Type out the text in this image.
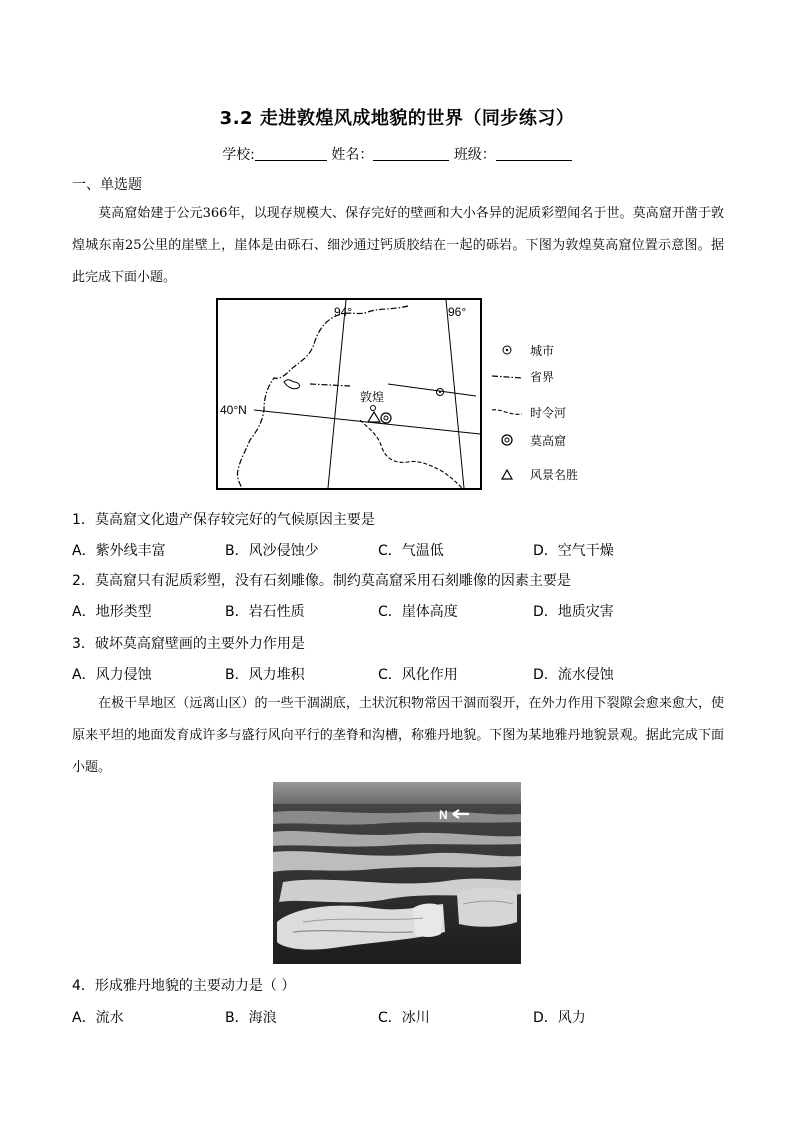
3.2 走进敦煌风成地貌的世界（同步练习）
学校:	姓名：	班级：
一、单选题
莫高窟始建于公元366年，以现存规模大、保存完好的壁画和大小各异的泥质彩塑闻名于世。莫高窟开凿于敦煌城东南25公里的崖壁上，崖体是由砾石、细沙通过钙质胶结在一起的砾岩。下图为敦煌莫高窟位置示意图。据此完成下面小题。
94°	96°
40°N
敦煌
城市
省界
时令河
莫高窟
风景名胜
1．莫高窟文化遗产保存较完好的气候原因主要是
A．紫外线丰富	B．风沙侵蚀少	C．气温低	D．空气干燥
2．莫高窟只有泥质彩塑，没有石刻雕像。制约莫高窟采用石刻雕像的因素主要是
A．地形类型	B．岩石性质	C．崖体高度	D．地质灾害
3．破坏莫高窟壁画的主要外力作用是
A．风力侵蚀	B．风力堆积	C．风化作用	D．流水侵蚀
在极干旱地区（远离山区）的一些干涸湖底，土状沉积物常因干涸而裂开，在外力作用下裂隙会愈来愈大，使原来平坦的地面发育成许多与盛行风向平行的垄脊和沟槽，称雅丹地貌。下图为某地雅丹地貌景观。据此完成下面小题。
N
4．形成雅丹地貌的主要动力是（ ）
A．流水	B．海浪	C．冰川	D．风力
